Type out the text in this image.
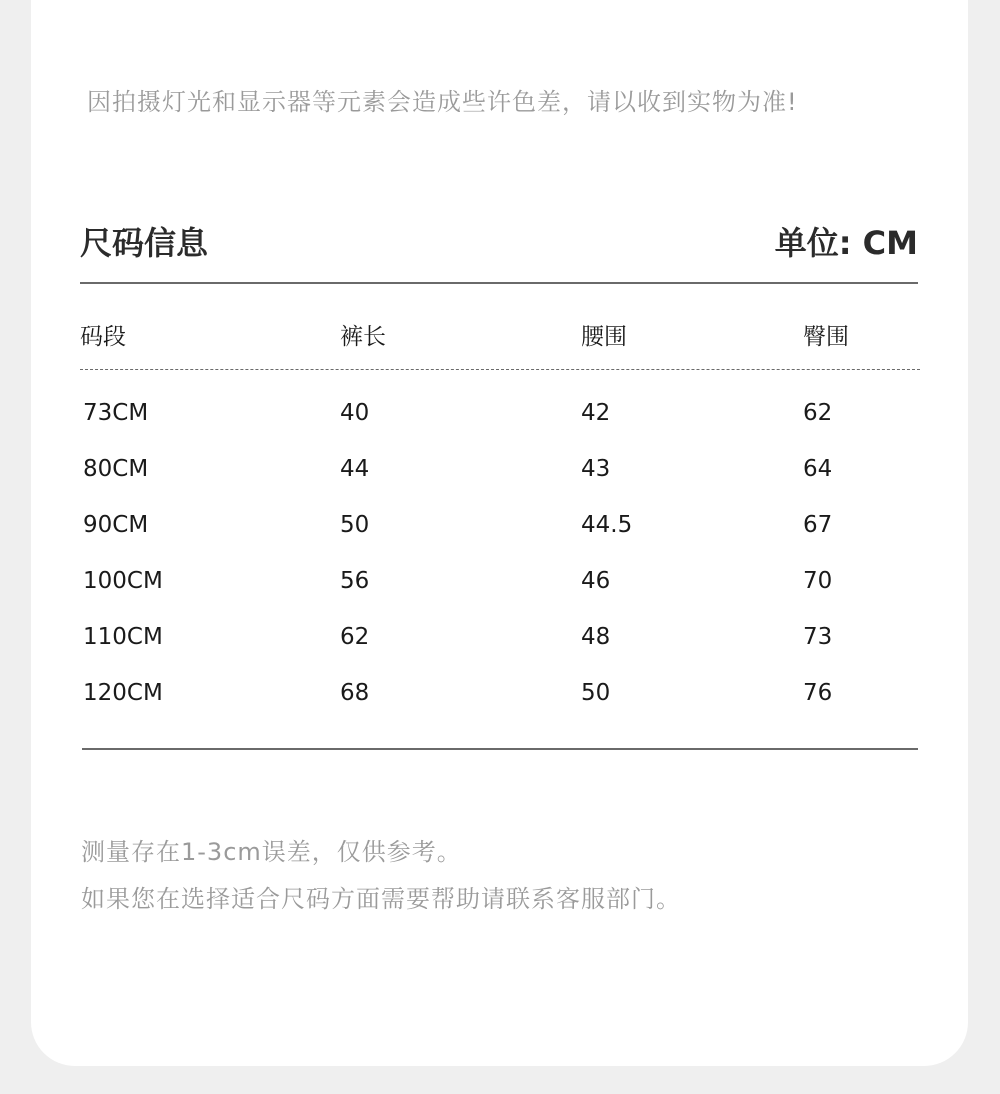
因拍摄灯光和显示器等元素会造成些许色差，请以收到实物为准!
尺码信息	单位: CM
码段	裤长	腰围	臀围
73CM	40	42	62
80CM	44	43	64
90CM	50	44.5	67
100CM	56	46	70
110CM	62	48	73
120CM	68	50	76
测量存在1-3cm误差，仅供参考。
如果您在选择适合尺码方面需要帮助请联系客服部门。
